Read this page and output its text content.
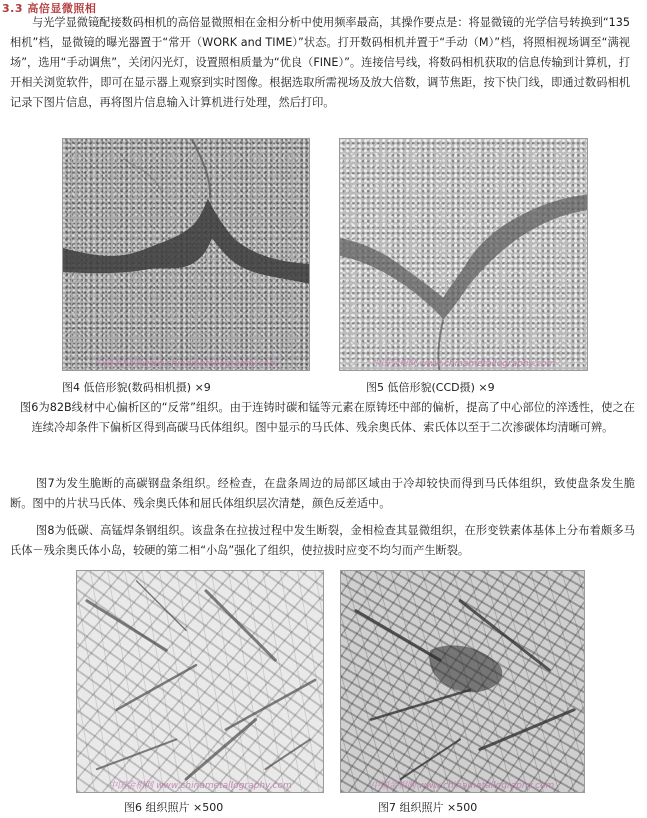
3.3 高倍显微照相

与光学显微镜配接数码相机的高倍显微照相在金相分析中使用频率最高，其操作要点是：将显微镜的光学信号转换到“135相机”档，显微镜的曝光器置于“常开（WORK and TIME）”状态。打开数码相机并置于“手动（M）”档，将照相视场调至“满视场”，选用“手动调焦”，关闭闪光灯，设置照相质量为“优良（FINE）”。连接信号线，将数码相机获取的信息传输到计算机，打开相关浏览软件，即可在显示器上观察到实时图像。根据选取所需视场及放大倍数，调节焦距，按下快门线，即通过数码相机记录下图片信息，再将图片信息输入计算机进行处理，然后打印。

中国金相网 www.chinametallography.com
图4 低倍形貌(数码相机摄) ×9
中国金相网 www.chinametallography.com
图5 低倍形貌(CCD摄) ×9

图6为82B线材中心偏析区的“反常”组织。由于连铸时碳和锰等元素在原铸坯中部的偏析，提高了中心部位的淬透性，使之在连续冷却条件下偏析区得到高碳马氏体组织。图中显示的马氏体、残余奥氏体、索氏体以至于二次渗碳体均清晰可辨。

图7为发生脆断的高碳钢盘条组织。经检查，在盘条周边的局部区域由于冷却较快而得到马氏体组织，致使盘条发生脆断。图中的片状马氏体、残余奥氏体和屈氏体组织层次清楚，颜色反差适中。

图8为低碳、高锰焊条钢组织。该盘条在拉拔过程中发生断裂，金相检查其显微组织，在形变铁素体基体上分布着颇多马氏体－残余奥氏体小岛，较硬的第二相“小岛”强化了组织，使拉拔时应变不均匀而产生断裂。

中国金相网 www.chinametallography.com
图6 组织照片 ×500
中国金相网 www.chinametallography.com
图7 组织照片 ×500
